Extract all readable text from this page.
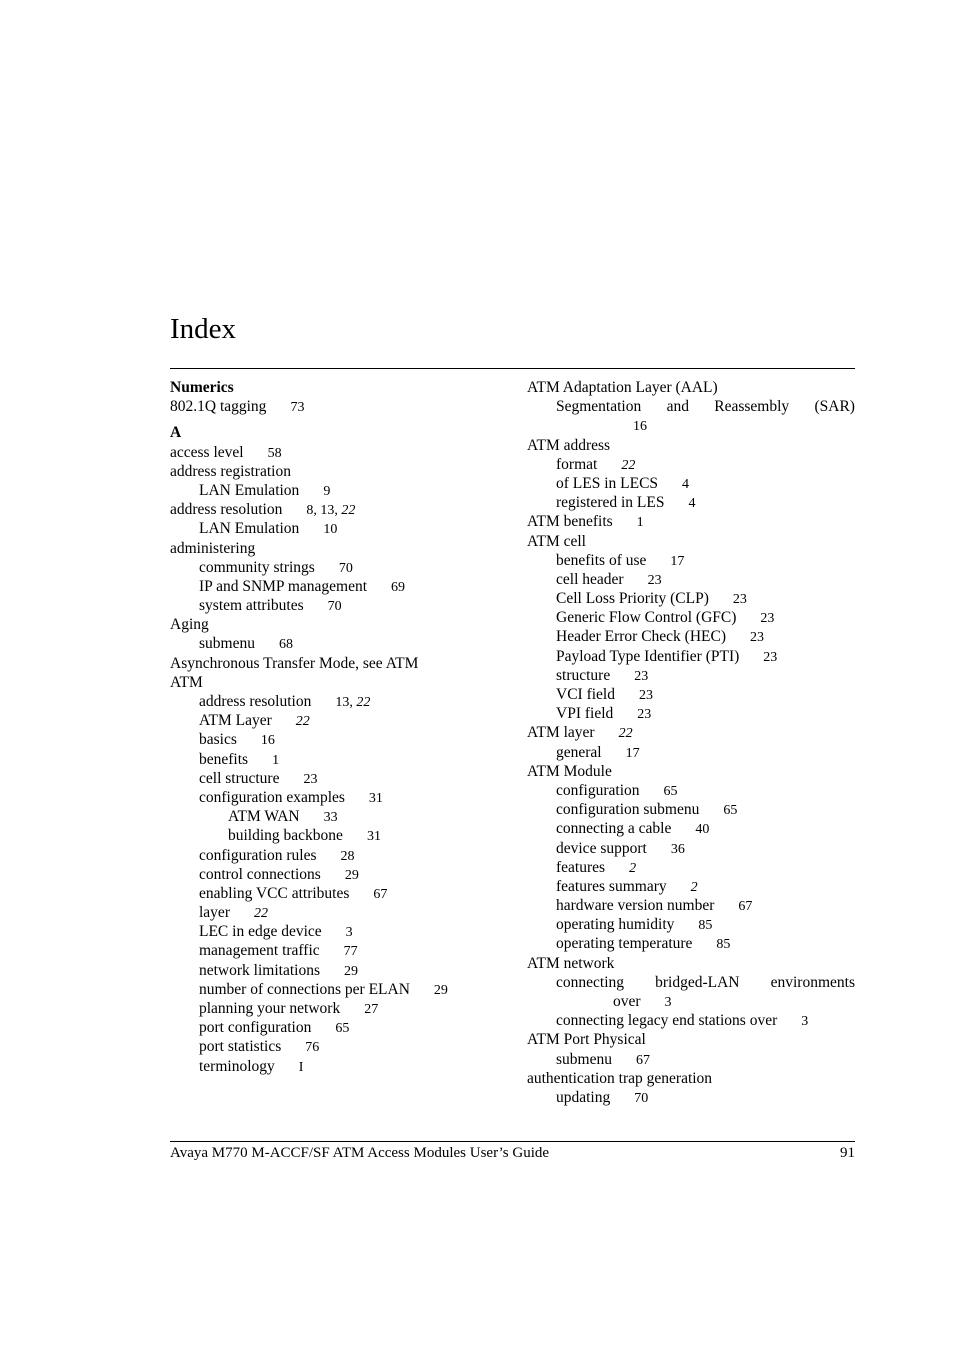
Index
Numerics
802.1Q tagging 73
A
access level 58
address registration
LAN Emulation 9
address resolution 8, 13, 22
LAN Emulation 10
administering
community strings 70
IP and SNMP management 69
system attributes 70
Aging
submenu 68
Asynchronous Transfer Mode, see ATM
ATM
address resolution 13, 22
ATM Layer 22
basics 16
benefits 1
cell structure 23
configuration examples 31
ATM WAN 33
building backbone 31
configuration rules 28
control connections 29
enabling VCC attributes 67
layer 22
LEC in edge device 3
management traffic 77
network limitations 29
number of connections per ELAN 29
planning your network 27
port configuration 65
port statistics 76
terminology I
ATM Adaptation Layer (AAL)
Segmentation and Reassembly (SAR)
16
ATM address
format 22
of LES in LECS 4
registered in LES 4
ATM benefits 1
ATM cell
benefits of use 17
cell header 23
Cell Loss Priority (CLP) 23
Generic Flow Control (GFC) 23
Header Error Check (HEC) 23
Payload Type Identifier (PTI) 23
structure 23
VCI field 23
VPI field 23
ATM layer 22
general 17
ATM Module
configuration 65
configuration submenu 65
connecting a cable 40
device support 36
features 2
features summary 2
hardware version number 67
operating humidity 85
operating temperature 85
ATM network
connecting bridged-LAN environments
over 3
connecting legacy end stations over 3
ATM Port Physical
submenu 67
authentication trap generation
updating 70
Avaya M770 M-ACCF/SF ATM Access Modules User’s Guide	91
